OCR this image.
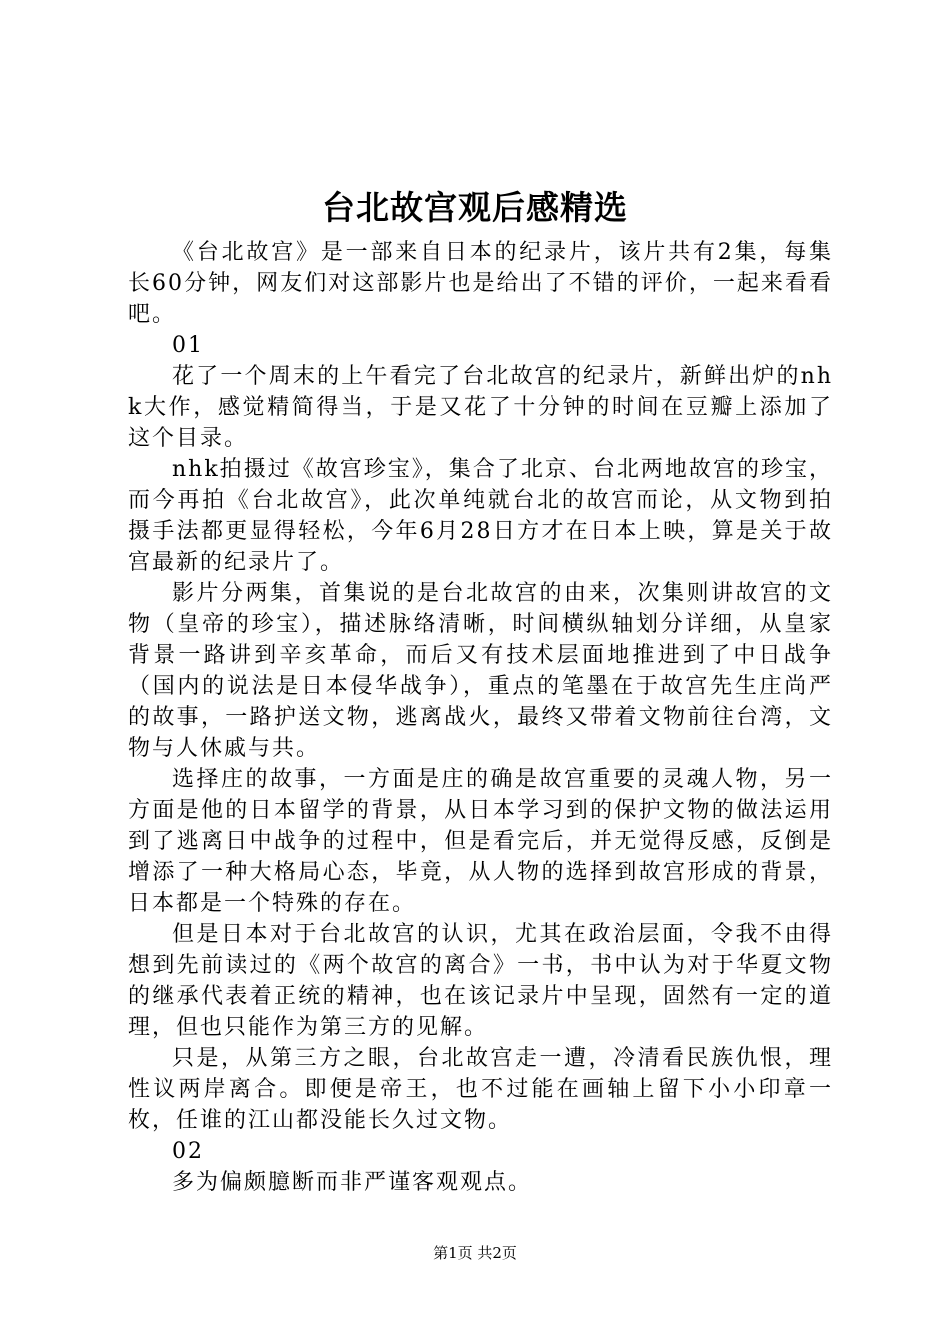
台北故宫观后感精选

《台北故宫》是一部来自日本的纪录片，该片共有2集，每集长60分钟，网友们对这部影片也是给出了不错的评价，一起来看看吧。

01

花了一个周末的上午看完了台北故宫的纪录片，新鲜出炉的nhk大作，感觉精简得当，于是又花了十分钟的时间在豆瓣上添加了这个目录。

nhk拍摄过《故宫珍宝》，集合了北京、台北两地故宫的珍宝，而今再拍《台北故宫》，此次单纯就台北的故宫而论，从文物到拍摄手法都更显得轻松，今年6月28日方才在日本上映，算是关于故宫最新的纪录片了。

影片分两集，首集说的是台北故宫的由来，次集则讲故宫的文物（皇帝的珍宝），描述脉络清晰，时间横纵轴划分详细，从皇家背景一路讲到辛亥革命，而后又有技术层面地推进到了中日战争（国内的说法是日本侵华战争），重点的笔墨在于故宫先生庄尚严的故事，一路护送文物，逃离战火，最终又带着文物前往台湾，文物与人休戚与共。

选择庄的故事，一方面是庄的确是故宫重要的灵魂人物，另一方面是他的日本留学的背景，从日本学习到的保护文物的做法运用到了逃离日中战争的过程中，但是看完后，并无觉得反感，反倒是增添了一种大格局心态，毕竟，从人物的选择到故宫形成的背景，日本都是一个特殊的存在。

但是日本对于台北故宫的认识，尤其在政治层面，令我不由得想到先前读过的《两个故宫的离合》一书，书中认为对于华夏文物的继承代表着正统的精神，也在该记录片中呈现，固然有一定的道理，但也只能作为第三方的见解。

只是，从第三方之眼，台北故宫走一遭，冷清看民族仇恨，理性议两岸离合。即便是帝王，也不过能在画轴上留下小小印章一枚，任谁的江山都没能长久过文物。

02

多为偏颇臆断而非严谨客观观点。

第1页 共2页
